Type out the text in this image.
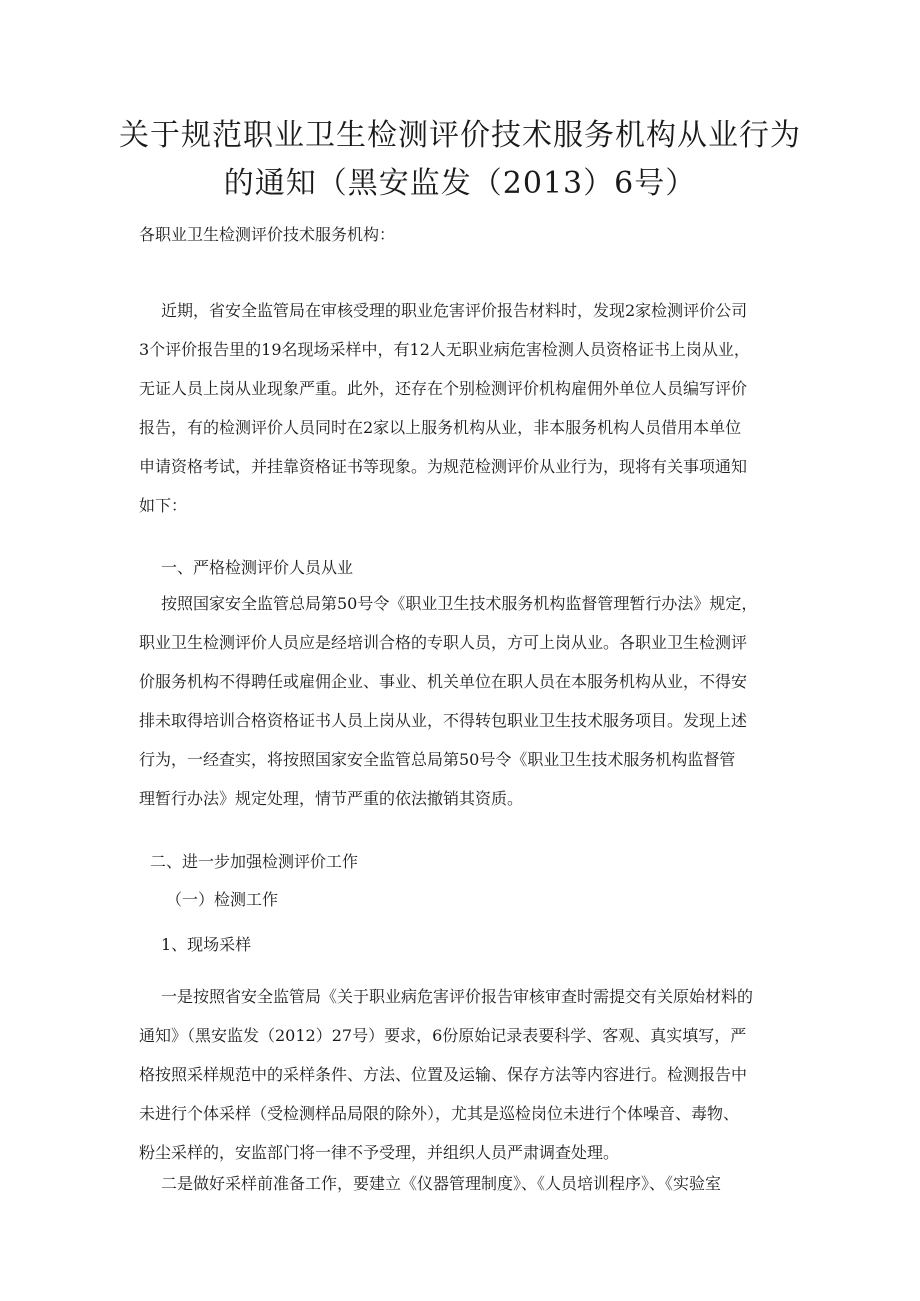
关于规范职业卫生检测评价技术服务机构从业行为
的通知（黑安监发（2013）6号）
各职业卫生检测评价技术服务机构：
近期，省安全监管局在审核受理的职业危害评价报告材料时，发现2家检测评价公司
3个评价报告里的19名现场采样中，有12人无职业病危害检测人员资格证书上岗从业，
无证人员上岗从业现象严重。此外，还存在个别检测评价机构雇佣外单位人员编写评价
报告，有的检测评价人员同时在2家以上服务机构从业，非本服务机构人员借用本单位
申请资格考试，并挂靠资格证书等现象。为规范检测评价从业行为，现将有关事项通知
如下：
一、严格检测评价人员从业
按照国家安全监管总局第50号令《职业卫生技术服务机构监督管理暂行办法》规定，
职业卫生检测评价人员应是经培训合格的专职人员，方可上岗从业。各职业卫生检测评
价服务机构不得聘任或雇佣企业、事业、机关单位在职人员在本服务机构从业，不得安
排未取得培训合格资格证书人员上岗从业，不得转包职业卫生技术服务项目。发现上述
行为，一经查实，将按照国家安全监管总局第50号令《职业卫生技术服务机构监督管
理暂行办法》规定处理，情节严重的依法撤销其资质。
二、进一步加强检测评价工作
（一）检测工作
1、现场采样
一是按照省安全监管局《关于职业病危害评价报告审核审查时需提交有关原始材料的
通知》（黑安监发（2012）27号）要求，6份原始记录表要科学、客观、真实填写，严
格按照采样规范中的采样条件、方法、位置及运输、保存方法等内容进行。检测报告中
未进行个体采样（受检测样品局限的除外），尤其是巡检岗位未进行个体噪音、毒物、
粉尘采样的，安监部门将一律不予受理，并组织人员严肃调查处理。
二是做好采样前准备工作，要建立《仪器管理制度》、《人员培训程序》、《实验室
